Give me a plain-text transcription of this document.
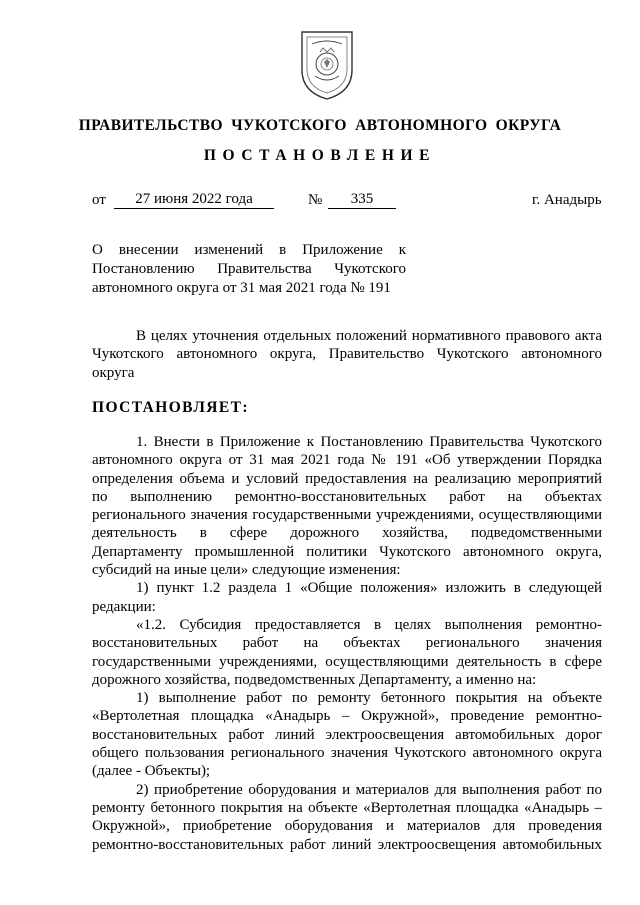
ПРАВИТЕЛЬСТВО ЧУКОТСКОГО АВТОНОМНОГО ОКРУГА
ПОСТАНОВЛЕНИЕ
от	27 июня 2022 года	№	335	г. Анадырь
О внесении изменений в Приложение к
Постановлению Правительства Чукотского
автономного округа от 31 мая 2021 года № 191
В целях уточнения отдельных положений нормативного правового акта
Чукотского автономного округа, Правительство Чукотского автономного
округа
ПОСТАНОВЛЯЕТ:
1. Внести в Приложение к Постановлению Правительства Чукотского
автономного округа от 31 мая 2021 года № 191 «Об утверждении Порядка
определения объема и условий предоставления на реализацию мероприятий
по выполнению ремонтно-восстановительных работ на объектах
регионального значения государственными учреждениями, осуществляющими
деятельность в сфере дорожного хозяйства, подведомственными
Департаменту промышленной политики Чукотского автономного округа,
субсидий на иные цели» следующие изменения:
1) пункт 1.2 раздела 1 «Общие положения» изложить в следующей
редакции:
«1.2. Субсидия предоставляется в целях выполнения ремонтно-
восстановительных работ на объектах регионального значения
государственными учреждениями, осуществляющими деятельность в сфере
дорожного хозяйства, подведомственных Департаменту, а именно на:
1) выполнение работ по ремонту бетонного покрытия на объекте
«Вертолетная площадка «Анадырь – Окружной», проведение ремонтно-
восстановительных работ линий электроосвещения автомобильных дорог
общего пользования регионального значения Чукотского автономного округа
(далее - Объекты);
2) приобретение оборудования и материалов для выполнения работ по
ремонту бетонного покрытия на объекте «Вертолетная площадка «Анадырь –
Окружной», приобретение оборудования и материалов для проведения
ремонтно-восстановительных работ линий электроосвещения автомобильных
